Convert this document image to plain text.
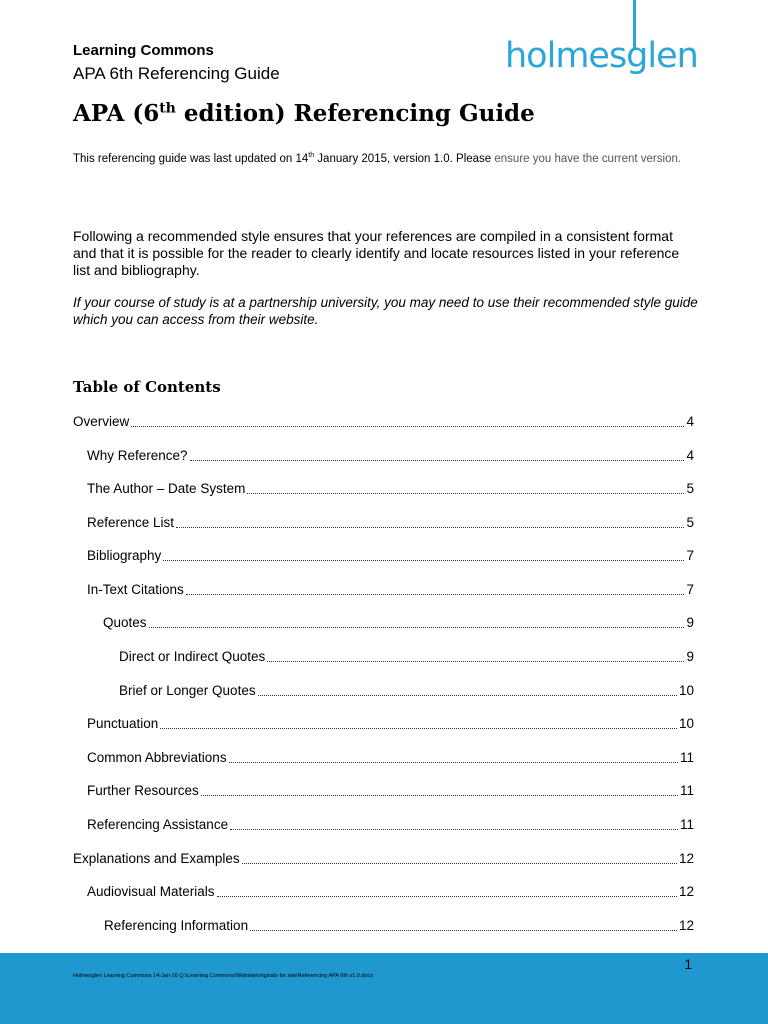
Learning Commons
APA 6th Referencing Guide	holmesglen
APA (6th edition) Referencing Guide

This referencing guide was last updated on 14th January 2015, version 1.0. Please ensure you have the current version.

Following a recommended style ensures that your references are compiled in a consistent format and that it is possible for the reader to clearly identify and locate resources listed in your reference list and bibliography.

If your course of study is at a partnership university, you may need to use their recommended style guide which you can access from their website.

Table of Contents
Overview	4
Why Reference?	4
The Author – Date System	5
Reference List	5
Bibliography	7
In-Text Citations	7
Quotes	9
Direct or Indirect Quotes	9
Brief or Longer Quotes	10
Punctuation	10
Common Abbreviations	11
Further Resources	11
Referencing Assistance	11
Explanations and Examples	12
Audiovisual Materials	12
Referencing Information	12
1
Holmesglen Learning Commons 14-Jan-16 Q:\Learning Commons\Website\originals for site\Referencing APA 6th v1.0.docx
